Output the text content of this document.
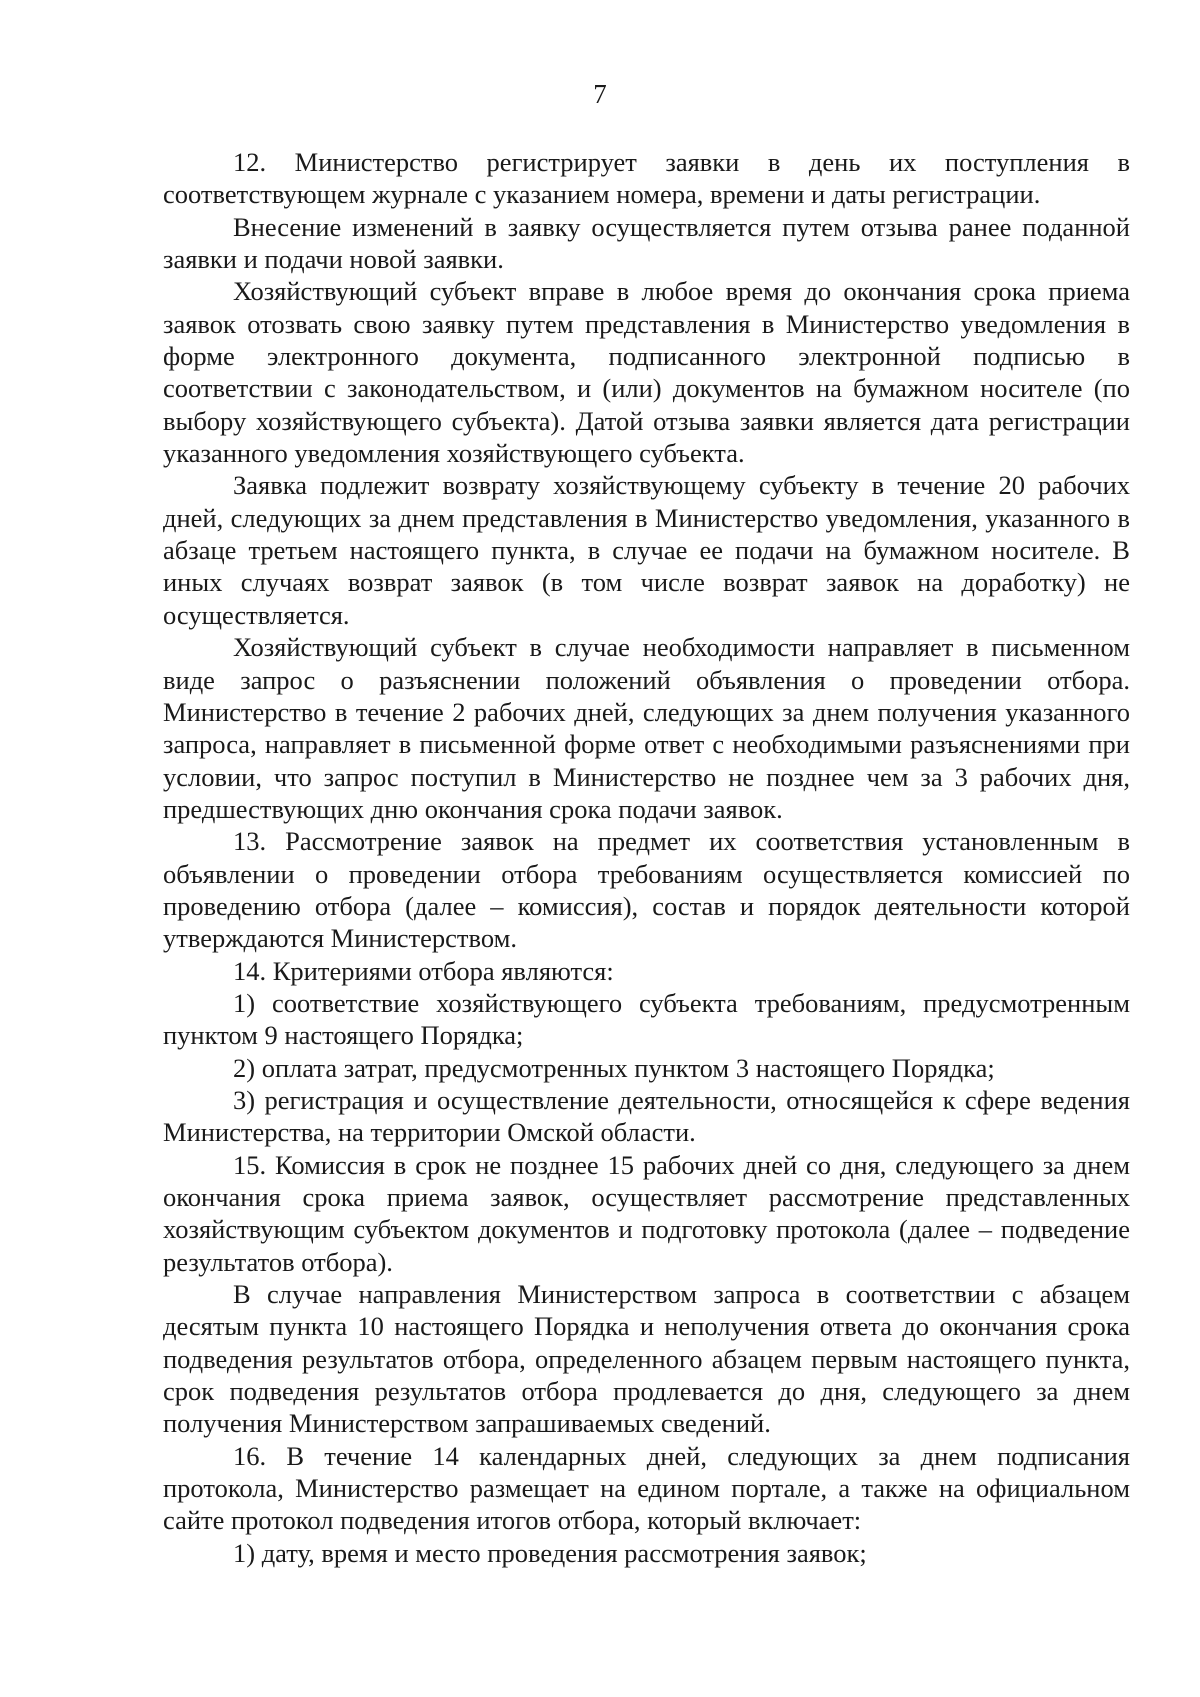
7

12. Министерство регистрирует заявки в день их поступления в соответствующем журнале с указанием номера, времени и даты регистрации.

Внесение изменений в заявку осуществляется путем отзыва ранее поданной заявки и подачи новой заявки.

Хозяйствующий субъект вправе в любое время до окончания срока приема заявок отозвать свою заявку путем представления в Министерство уведомления в форме электронного документа, подписанного электронной подписью в соответствии с законодательством, и (или) документов на бумажном носителе (по выбору хозяйствующего субъекта). Датой отзыва заявки является дата регистрации указанного уведомления хозяйствующего субъекта.

Заявка подлежит возврату хозяйствующему субъекту в течение 20 рабочих дней, следующих за днем представления в Министерство уведомления, указанного в абзаце третьем настоящего пункта, в случае ее подачи на бумажном носителе. В иных случаях возврат заявок (в том числе возврат заявок на доработку) не осуществляется.

Хозяйствующий субъект в случае необходимости направляет в письменном виде запрос о разъяснении положений объявления о проведении отбора. Министерство в течение 2 рабочих дней, следующих за днем получения указанного запроса, направляет в письменной форме ответ с необходимыми разъяснениями при условии, что запрос поступил в Министерство не позднее чем за 3 рабочих дня, предшествующих дню окончания срока подачи заявок.

13. Рассмотрение заявок на предмет их соответствия установленным в объявлении о проведении отбора требованиям осуществляется комиссией по проведению отбора (далее – комиссия), состав и порядок деятельности которой утверждаются Министерством.

14. Критериями отбора являются:

1) соответствие хозяйствующего субъекта требованиям, предусмотренным пунктом 9 настоящего Порядка;

2) оплата затрат, предусмотренных пунктом 3 настоящего Порядка;

3) регистрация и осуществление деятельности, относящейся к сфере ведения Министерства, на территории Омской области.

15. Комиссия в срок не позднее 15 рабочих дней со дня, следующего за днем окончания срока приема заявок, осуществляет рассмотрение представленных хозяйствующим субъектом документов и подготовку протокола (далее – подведение результатов отбора).

В случае направления Министерством запроса в соответствии с абзацем десятым пункта 10 настоящего Порядка и неполучения ответа до окончания срока подведения результатов отбора, определенного абзацем первым настоящего пункта, срок подведения результатов отбора продлевается до дня, следующего за днем получения Министерством запрашиваемых сведений.

16. В течение 14 календарных дней, следующих за днем подписания протокола, Министерство размещает на едином портале, а также на официальном сайте протокол подведения итогов отбора, который включает:

1) дату, время и место проведения рассмотрения заявок;
